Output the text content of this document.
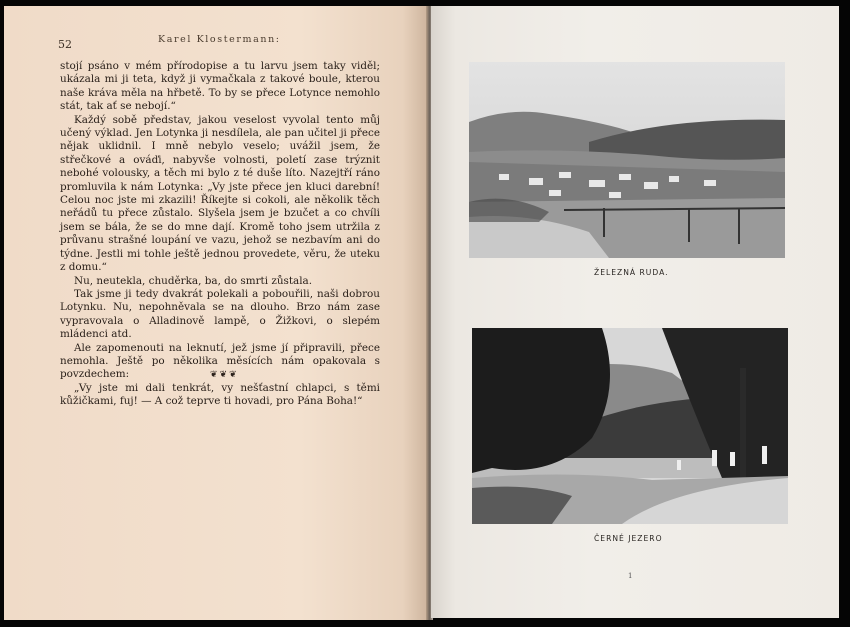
52	Karel Klostermann:

stojí psáno v mém přírodopise a tu larvu jsem taky viděl; ukázala mi ji teta, když ji vymačkala z takové boule, kterou naše kráva měla na hřbetě. To by se přece Lotynce nemohlo stát, tak ať se nebojí.“

Každý sobě představ, jakou veselost vyvolal tento můj učený výklad. Jen Lotynka ji nesdílela, ale pan učitel ji přece nějak uklidnil. I mně nebylo veselo; uvážil jsem, že střečkové a ováďi, nabyvše volnosti, poletí zase trýznit nebohé volousky, a těch mi bylo z té duše líto. Nazejtří ráno promluvila k nám Lotynka: „Vy jste přece jen kluci darební! Celou noc jste mi zkazili! Říkejte si cokoli, ale několik těch neřádů tu přece zůstalo. Slyšela jsem je bzučet a co chvíli jsem se bála, že se do mne dají. Kromě toho jsem utržila z průvanu strašné loupání ve vazu, jehož se nezbavím ani do týdne. Jestli mi tohle ještě jednou provedete, věru, že uteku z domu.“

Nu, neutekla, chuděrka, ba, do smrti zůstala.

Tak jsme ji tedy dvakrát polekali a pobouřili, naši dobrou Lotynku. Nu, nepohněvala se na dlouho. Brzo nám zase vypravovala o Alladinově lampě, o Žižkovi, o slepém mládenci atd.

Ale zapomenouti na leknutí, jež jsme jí připravili, přece nemohla. Ještě po několika měsících nám opakovala s povzdechem:

„Vy jste mi dali tenkrát, vy nešťastní chlapci, s těmi kůžičkami, fuj! — A což teprve ti hovadi, pro Pána Boha!“

❦❦❦
ŽELEZNÁ RUDA.
ČERNÉ JEZERO
1
